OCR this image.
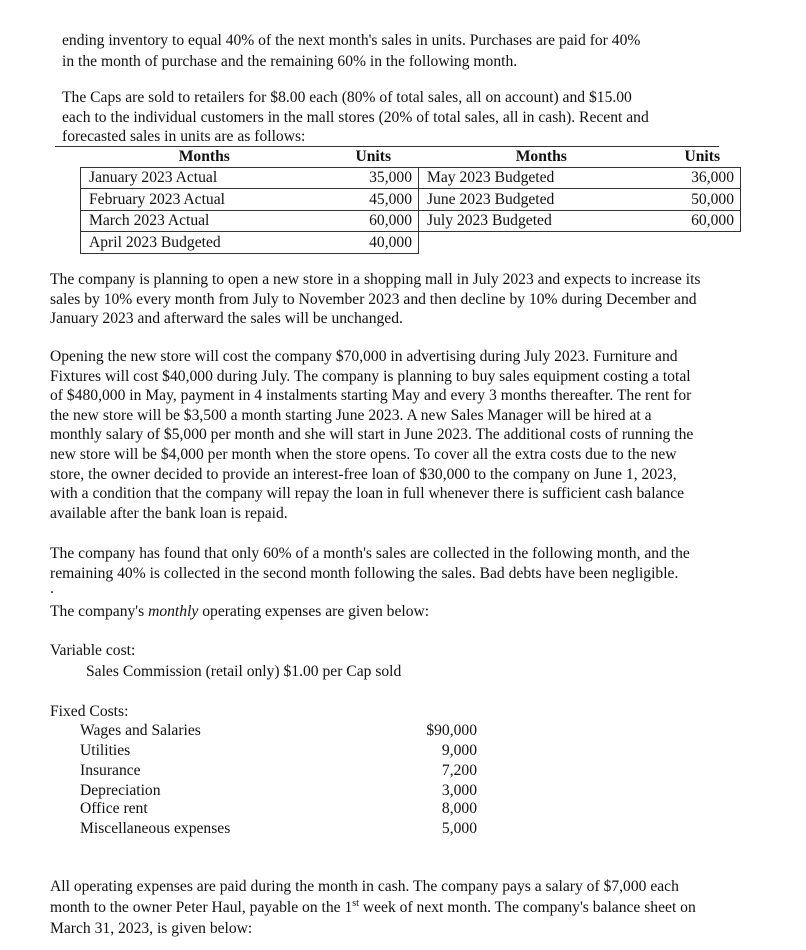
ending inventory to equal 40% of the next month's sales in units. Purchases are paid for 40%
in the month of purchase and the remaining 60% in the following month.
The Caps are sold to retailers for $8.00 each (80% of total sales, all on account) and $15.00
each to the individual customers in the mall stores (20% of total sales, all in cash). Recent and
forecasted sales in units are as follows:
Months	Units	Months	Units
January 2023 Actual	35,000	May 2023 Budgeted	36,000
February 2023 Actual	45,000	June 2023 Budgeted	50,000
March 2023 Actual	60,000	July 2023 Budgeted	60,000
April 2023 Budgeted	40,000		
The company is planning to open a new store in a shopping mall in July 2023 and expects to increase its
sales by 10% every month from July to November 2023 and then decline by 10% during December and
January 2023 and afterward the sales will be unchanged.
Opening the new store will cost the company $70,000 in advertising during July 2023. Furniture and
Fixtures will cost $40,000 during July. The company is planning to buy sales equipment costing a total
of $480,000 in May, payment in 4 instalments starting May and every 3 months thereafter. The rent for
the new store will be $3,500 a month starting June 2023. A new Sales Manager will be hired at a
monthly salary of $5,000 per month and she will start in June 2023. The additional costs of running the
new store will be $4,000 per month when the store opens. To cover all the extra costs due to the new
store, the owner decided to provide an interest-free loan of $30,000 to the company on June 1, 2023,
with a condition that the company will repay the loan in full whenever there is sufficient cash balance
available after the bank loan is repaid.
The company has found that only 60% of a month's sales are collected in the following month, and the
remaining 40% is collected in the second month following the sales. Bad debts have been negligible.
.
The company's monthly operating expenses are given below:
Variable cost:
Sales Commission (retail only) $1.00 per Cap sold
Fixed Costs:
Wages and Salaries	$90,000
Utilities	9,000
Insurance	7,200
Depreciation	3,000
Office rent	8,000
Miscellaneous expenses	5,000
All operating expenses are paid during the month in cash. The company pays a salary of $7,000 each
month to the owner Peter Haul, payable on the 1st week of next month. The company's balance sheet on
March 31, 2023, is given below:
